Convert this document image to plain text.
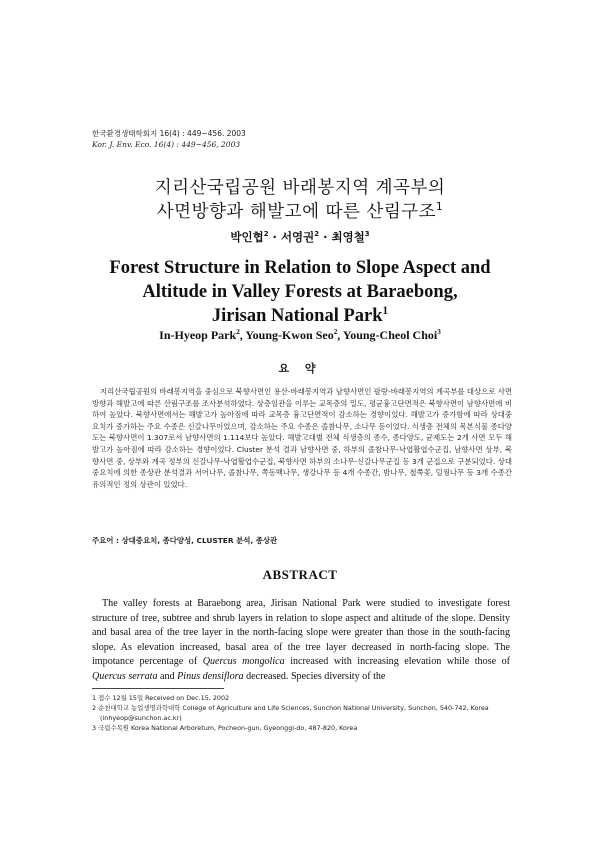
한국환경생태학회지 16(4) : 449~456. 2003
Kor. J. Env. Eco. 16(4) : 449~456, 2003
지리산국립공원 바래봉지역 계곡부의
사면방향과 해발고에 따른 산림구조$^1$
박인협$^2$ · 서영권$^2$ · 최영철$^3$
Forest Structure in Relation to Slope Aspect and
Altitude in Valley Forests at Baraebong,
Jirisan National Park$^1$
In-Hyeop Park$^2$, Young-Kwon Seo$^2$, Young-Cheol Choi$^3$
요 약
지리산국립공원의 바래봉지역을 중심으로 북향사면인 용산-바래봉지역과 남향사면인 팔랑-바래봉지역의 계곡부를 대상으로 사면방향과 해발고에 따른 산림구조를 조사분석하였다. 상층임관을 이루는 교목층의 밀도, 평균흉고단면적은 북향사면이 남향사면에 비하여 높았다. 북향사면에서는 해발고가 높아짐에 따라 교목층 흉고단면적이 감소하는 경향이었다. 해발고가 증가함에 따라 상대중요치가 증가하는 주요 수종은 신갈나무이었으며, 감소하는 주요 수종은 졸참나무, 소나무 등이었다. 식생층 전체의 목본식물 종다양도는 북향사면이 1.307로서 남향사면의 1.114보다 높았다. 해발고대별 전체 식생층의 종수, 종다양도, 균제도는 2개 사면 모두 해발고가 높아짐에 따라 감소하는 경향이었다. Cluster 분석 결과 남향사면 중, 하부의 졸참나무-낙엽활엽수군집, 남향사면 상부, 북향사면 중, 상부와 계곡 정부의 신갈나무-낙엽활엽수군집, 북향사면 하부의 소나무-신갈나무군집 등 3개 군집으로 구분되었다. 상대중요치에 의한 종상관 분석결과 서어나무, 졸참나무, 쪽동백나무, 생강나무 등 4개 수종간, 밤나무, 철쭉꽃, 덜꿩나무 등 3개 수종간 유의적인 정의 상관이 있었다.
주요어 : 상대중요치, 종다양성, CLUSTER 분석, 종상관
ABSTRACT
The valley forests at Baraebong area, Jirisan National Park were studied to investigate forest structure of tree, subtree and shrub layers in relation to slope aspect and altitude of the slope. Density and basal area of the tree layer in the north-facing slope were greater than those in the south-facing slope. As elevation increased, basal area of the tree layer decreased in north-facing slope. The impotance percentage of Quercus mongolica increased with increasing elevation while those of Quercus serrata and Pinus densiflora decreased. Species diversity of the
1 접수 12월 15일 Received on Dec.15, 2002
2 순천대학교 농업생명과학대학 College of Agriculture and Life Sciences, Sunchon National University, Sunchon, 540-742, Korea (inhyeop@sunchon.ac.kr)
3 국립수목원 Korea National Arboretum, Pocheon-gun, Gyeonggi-do, 487-820, Korea
